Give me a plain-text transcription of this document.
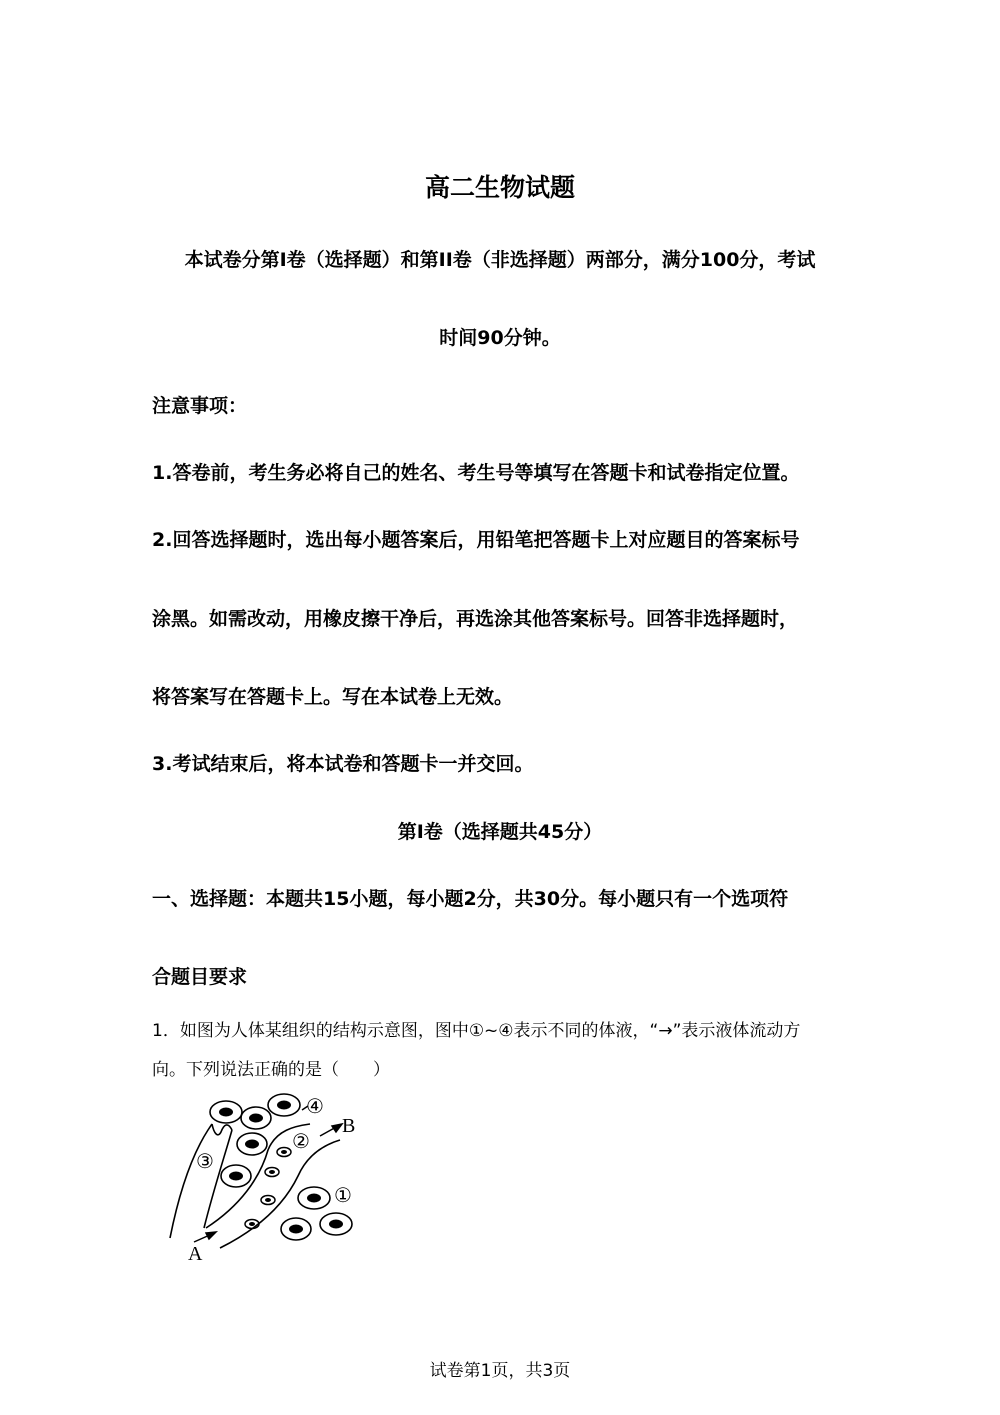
高二生物试题
本试卷分第I卷（选择题）和第II卷（非选择题）两部分，满分100分，考试
时间90分钟。
注意事项：
1.答卷前，考生务必将自己的姓名、考生号等填写在答题卡和试卷指定位置。
2.回答选择题时，选出每小题答案后，用铅笔把答题卡上对应题目的答案标号
涂黑。如需改动，用橡皮擦干净后，再选涂其他答案标号。回答非选择题时，
将答案写在答题卡上。写在本试卷上无效。
3.考试结束后，将本试卷和答题卡一并交回。
第I卷（选择题共45分）
一、选择题：本题共15小题，每小题2分，共30分。每小题只有一个选项符
合题目要求
1．如图为人体某组织的结构示意图，图中①~④表示不同的体液，“→”表示液体流动方
向。下列说法正确的是（　　）
④
②
③
①
B
A
试卷第1页，共3页
